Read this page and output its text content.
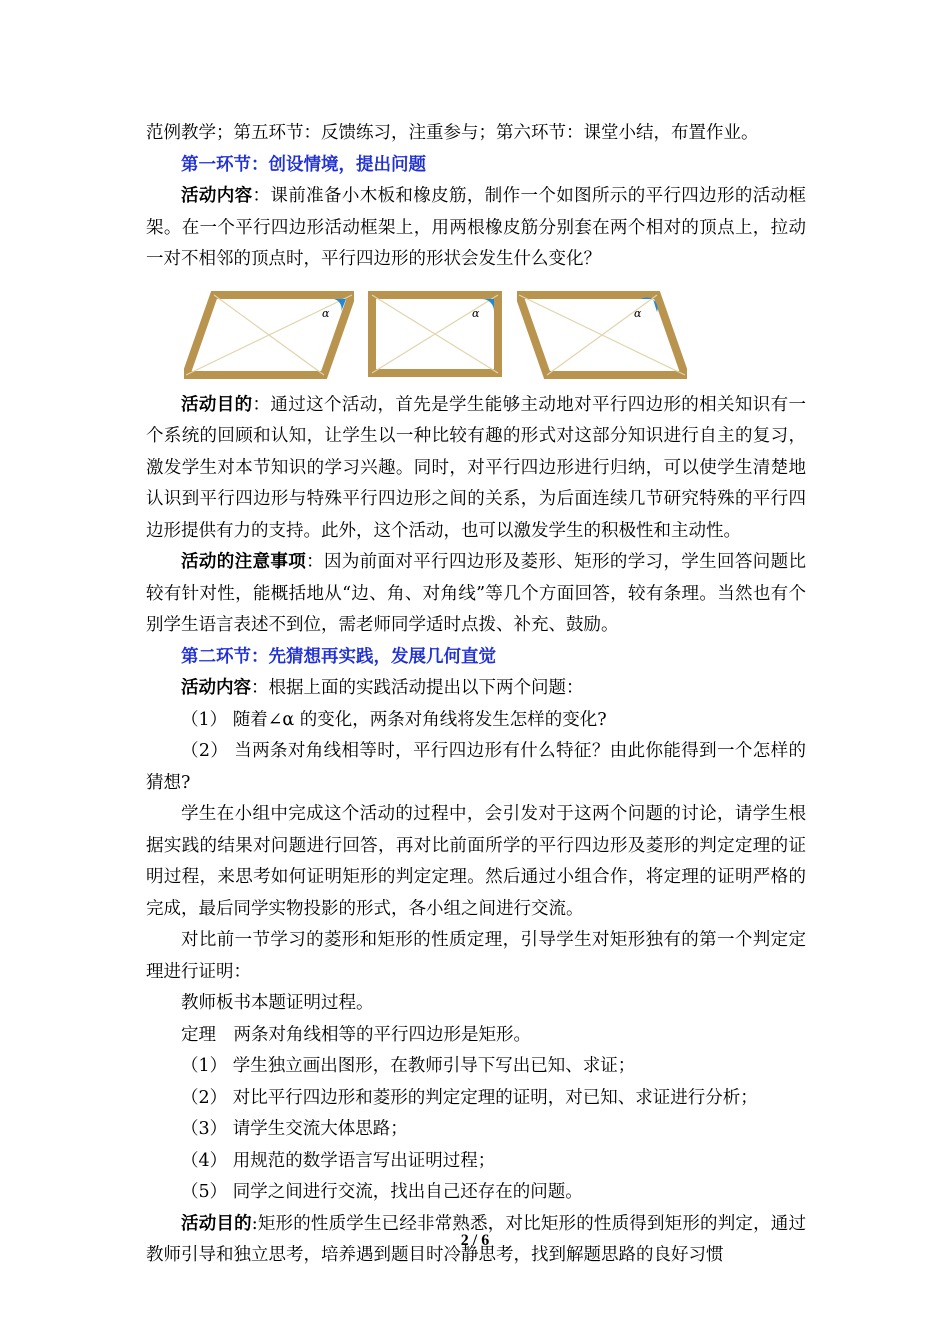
范例教学；第五环节：反馈练习，注重参与；第六环节：课堂小结，布置作业。

第一环节：创设情境，提出问题

活动内容：课前准备小木板和橡皮筋，制作一个如图所示的平行四边形的活动框架。在一个平行四边形活动框架上，用两根橡皮筋分别套在两个相对的顶点上，拉动一对不相邻的顶点时，平行四边形的形状会发生什么变化？

α	α	α

活动目的：通过这个活动，首先是学生能够主动地对平行四边形的相关知识有一个系统的回顾和认知，让学生以一种比较有趣的形式对这部分知识进行自主的复习，激发学生对本节知识的学习兴趣。同时，对平行四边形进行归纳，可以使学生清楚地认识到平行四边形与特殊平行四边形之间的关系，为后面连续几节研究特殊的平行四边形提供有力的支持。此外，这个活动，也可以激发学生的积极性和主动性。

活动的注意事项：因为前面对平行四边形及菱形、矩形的学习，学生回答问题比较有针对性，能概括地从“边、角、对角线”等几个方面回答，较有条理。当然也有个别学生语言表述不到位，需老师同学适时点拨、补充、鼓励。

第二环节：先猜想再实践，发展几何直觉

活动内容：根据上面的实践活动提出以下两个问题：

（1） 随着∠α 的变化，两条对角线将发生怎样的变化?

（2） 当两条对角线相等时，平行四边形有什么特征？由此你能得到一个怎样的猜想?

学生在小组中完成这个活动的过程中，会引发对于这两个问题的讨论，请学生根据实践的结果对问题进行回答，再对比前面所学的平行四边形及菱形的判定定理的证明过程，来思考如何证明矩形的判定定理。然后通过小组合作，将定理的证明严格的完成，最后同学实物投影的形式，各小组之间进行交流。

对比前一节学习的菱形和矩形的性质定理，引导学生对矩形独有的第一个判定定理进行证明：

教师板书本题证明过程。

定理　两条对角线相等的平行四边形是矩形。

（1） 学生独立画出图形，在教师引导下写出已知、求证；

（2） 对比平行四边形和菱形的判定定理的证明，对已知、求证进行分析；

（3） 请学生交流大体思路；

（4） 用规范的数学语言写出证明过程；

（5） 同学之间进行交流，找出自己还存在的问题。

活动目的:矩形的性质学生已经非常熟悉，对比矩形的性质得到矩形的判定，通过教师引导和独立思考，培养遇到题目时冷静思考，找到解题思路的良好习惯

2 / 6
